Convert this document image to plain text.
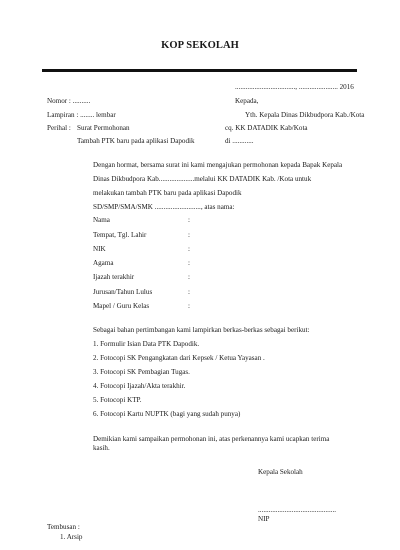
KOP SEKOLAH
.................................., ...................... 2016
Nomor : ..........
Lampiran : ........ lembar
Perihal : Surat Permohonan
Tambah PTK baru pada aplikasi Dapodik
Kepada,
Yth. Kepala Dinas Dikbudpora Kab./Kota
cq. KK DATADIK Kab/Kota
di ............
Dengan hormat, bersama surat ini kami mengajukan permohonan kepada Bapak Kepala
Dinas Dikbudpora Kab....................melalui KK DATADIK Kab. /Kota untuk
melakukan tambah PTK baru pada aplikasi Dapodik
SD/SMP/SMA/SMK .........................., atas nama:
Nama	:
Tempat, Tgl. Lahir	:
NIK	:
Agama	:
Ijazah terakhir	:
Jurusan/Tahun Lulus	:
Mapel / Guru Kelas	:
Sebagai bahan pertimbangan kami lampirkan berkas-berkas sebagai berikut:
1. Formulir Isian Data PTK Dapodik.
2. Fotocopi SK Pengangkatan dari Kepsek / Ketua Yayasan .
3. Fotocopi SK Pembagian Tugas.
4. Fotocopi Ijazah/Akta terakhir.
5. Fotocopi KTP.
6. Fotocopi Kartu NUPTK (bagi yang sudah punya)
Demikian kami sampaikan permohonan ini, atas perkenannya kami ucapkan terima kasih.
Kepala Sekolah
............................................
NIP
Tembusan :
1. Arsip
